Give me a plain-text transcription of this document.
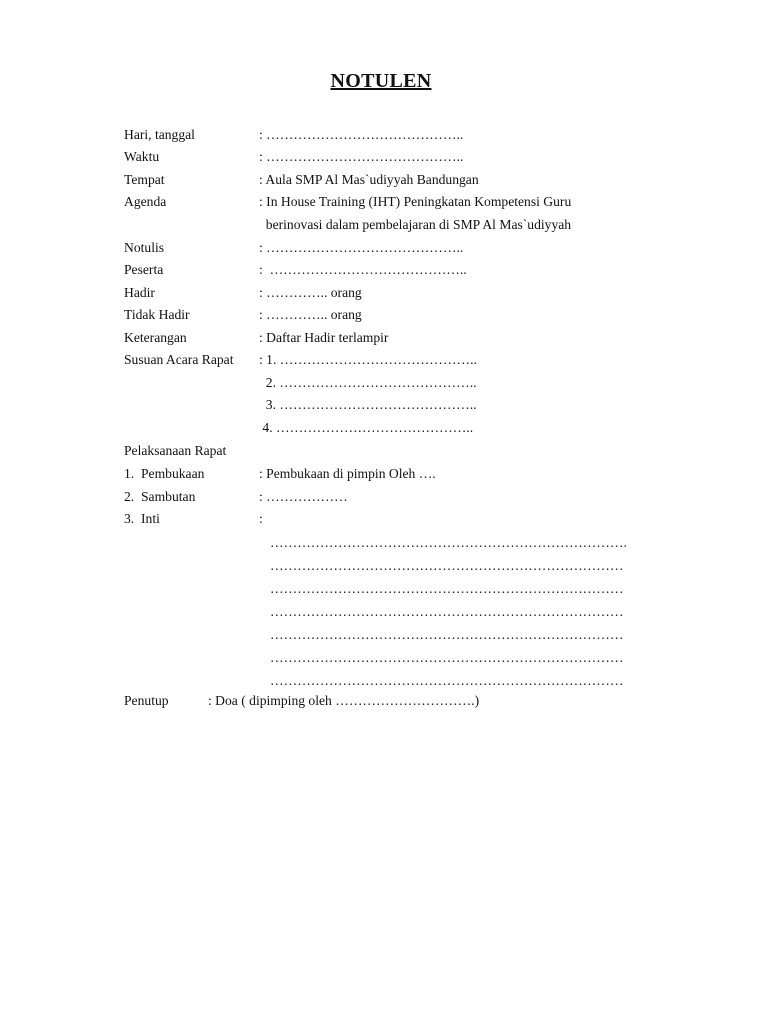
NOTULEN
Hari, tanggal	: ……………………………………..
Waktu	: ……………………………………..
Tempat	: Aula SMP Al Mas`udiyyah Bandungan
Agenda	: In House Training (IHT) Peningkatan Kompetensi Guru
berinovasi dalam pembelajaran di SMP Al Mas`udiyyah
Notulis	: ……………………………………..
Peserta	:  ……………………………………..
Hadir	: ………….. orang
Tidak Hadir	: ………….. orang
Keterangan	: Daftar Hadir terlampir
Susuan Acara Rapat : 1. ……………………………………..
2. ……………………………………..
3. ……………………………………..
4. ……………………………………..
Pelaksanaan Rapat
1.  Pembukaan	: Pembukaan di pimpin Oleh ….
2.  Sambutan	: ………………
3.  Inti	:
…………………………………………………………………….
……………………………………………………………………
……………………………………………………………………
……………………………………………………………………
……………………………………………………………………
……………………………………………………………………
……………………………………………………………………
Penutup	: Doa ( dipimping oleh ………………………….)
